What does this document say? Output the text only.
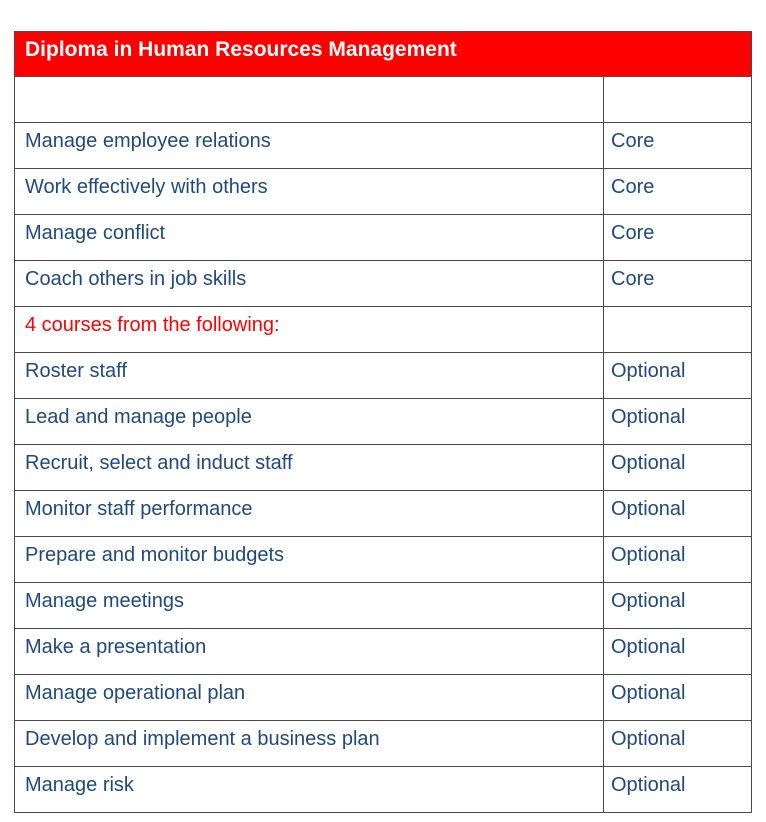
Diploma in Human Resources Management	

Manage employee relations	Core
Work effectively with others	Core
Manage conflict	Core
Coach others in job skills	Core
4 courses from the following:	
Roster staff	Optional
Lead and manage people	Optional
Recruit, select and induct staff	Optional
Monitor staff performance	Optional
Prepare and monitor budgets	Optional
Manage meetings	Optional
Make a presentation	Optional
Manage operational plan	Optional
Develop and implement a business plan	Optional
Manage risk	Optional
